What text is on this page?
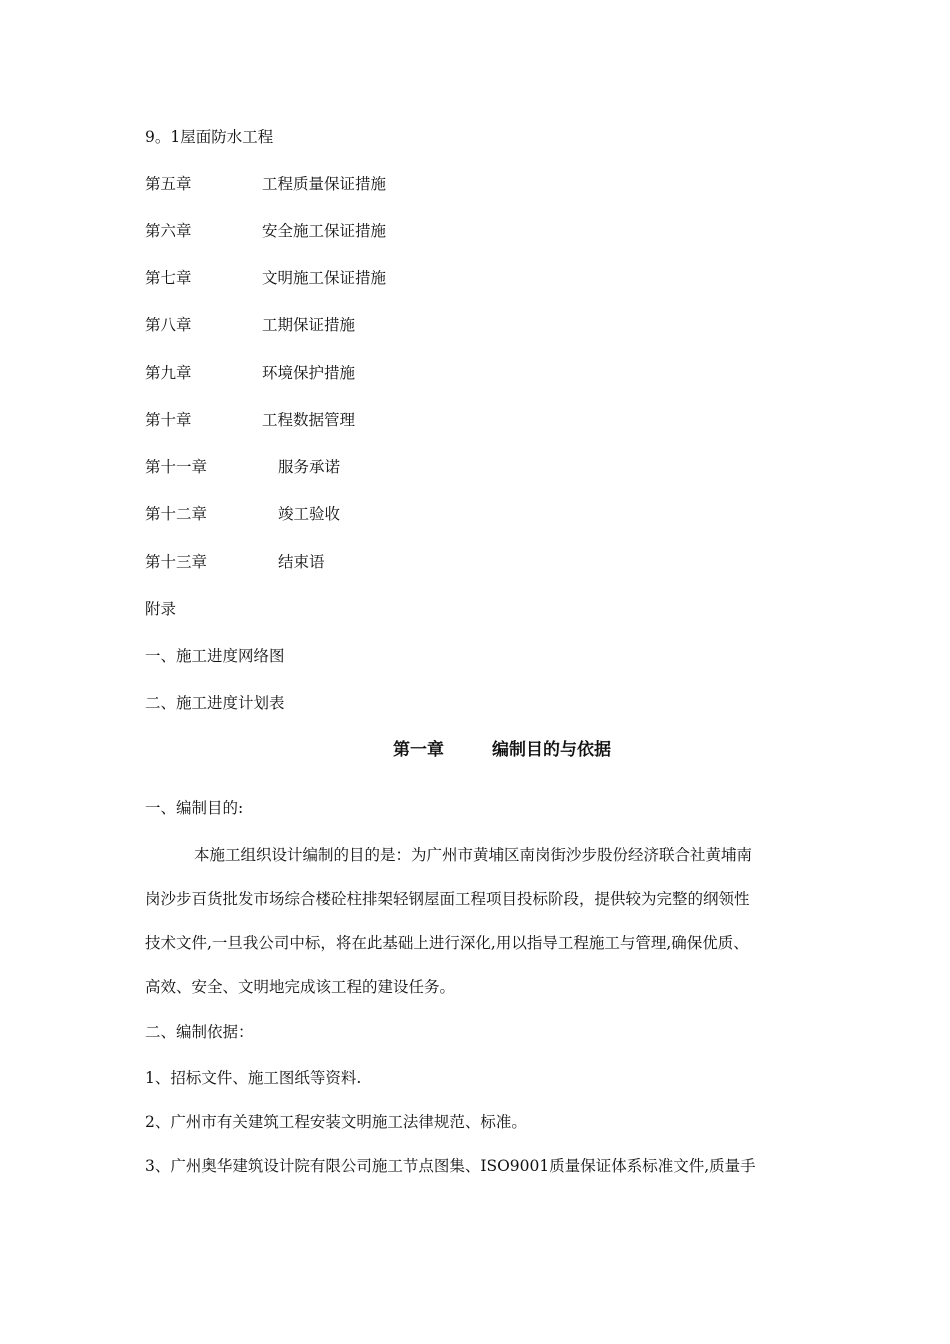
9。1屋面防水工程
第五章	工程质量保证措施
第六章	安全施工保证措施
第七章	文明施工保证措施
第八章	工期保证措施
第九章	环境保护措施
第十章	工程数据管理
第十一章	服务承诺
第十二章	竣工验收
第十三章	结束语
附录
一、施工进度网络图
二、施工进度计划表
第一章	编制目的与依据
一、编制目的:
本施工组织设计编制的目的是：为广州市黄埔区南岗街沙步股份经济联合社黄埔南
岗沙步百货批发市场综合楼砼柱排架轻钢屋面工程项目投标阶段，提供较为完整的纲领性
技术文件,一旦我公司中标，将在此基础上进行深化,用以指导工程施工与管理,确保优质、
高效、安全、文明地完成该工程的建设任务。
二、编制依据：
1、招标文件、施工图纸等资料.
2、广州市有关建筑工程安装文明施工法律规范、标准。
3、广州奥华建筑设计院有限公司施工节点图集、ISO9001质量保证体系标准文件,质量手
